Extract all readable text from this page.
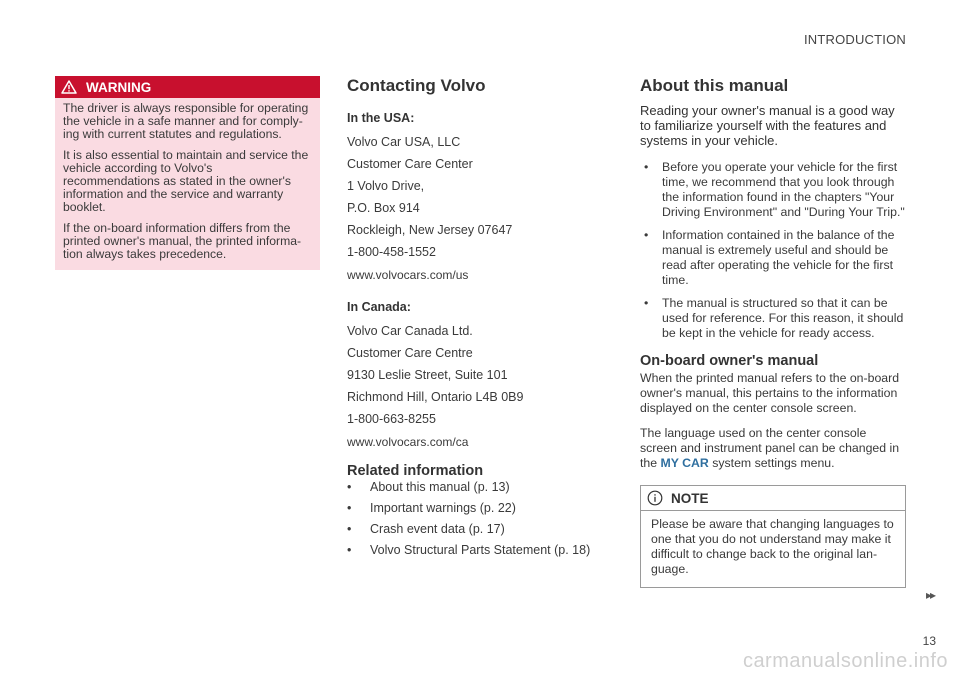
INTRODUCTION
WARNING

The driver is always responsible for operating the vehicle in a safe manner and for comply-ing with current statutes and regulations.

It is also essential to maintain and service the vehicle according to Volvo's recommendations as stated in the owner's information and the service and warranty booklet.

If the on-board information differs from the printed owner's manual, the printed informa-tion always takes precedence.

Contacting Volvo
In the USA:
Volvo Car USA, LLC
Customer Care Center
1 Volvo Drive,
P.O. Box 914
Rockleigh, New Jersey 07647
1-800-458-1552
www.volvocars.com/us
In Canada:
Volvo Car Canada Ltd.
Customer Care Centre
9130 Leslie Street, Suite 101
Richmond Hill, Ontario L4B 0B9
1-800-663-8255
www.volvocars.com/ca
Related information
• About this manual (p. 13)
• Important warnings (p. 22)
• Crash event data (p. 17)
• Volvo Structural Parts Statement (p. 18)
About this manual
Reading your owner's manual is a good way to familiarize yourself with the features and systems in your vehicle.
• Before you operate your vehicle for the first time, we recommend that you look through the information found in the chapters "Your Driving Environment" and "During Your Trip."
• Information contained in the balance of the manual is extremely useful and should be read after operating the vehicle for the first time.
• The manual is structured so that it can be used for reference. For this reason, it should be kept in the vehicle for ready access.
On-board owner's manual
When the printed manual refers to the on-board owner's manual, this pertains to the information displayed on the center console screen.
The language used on the center console screen and instrument panel can be changed in the MY CAR system settings menu.
NOTE
Please be aware that changing languages to one that you do not understand may make it difficult to change back to the original lan-guage.
▸▸
13
carmanualsonline.info
